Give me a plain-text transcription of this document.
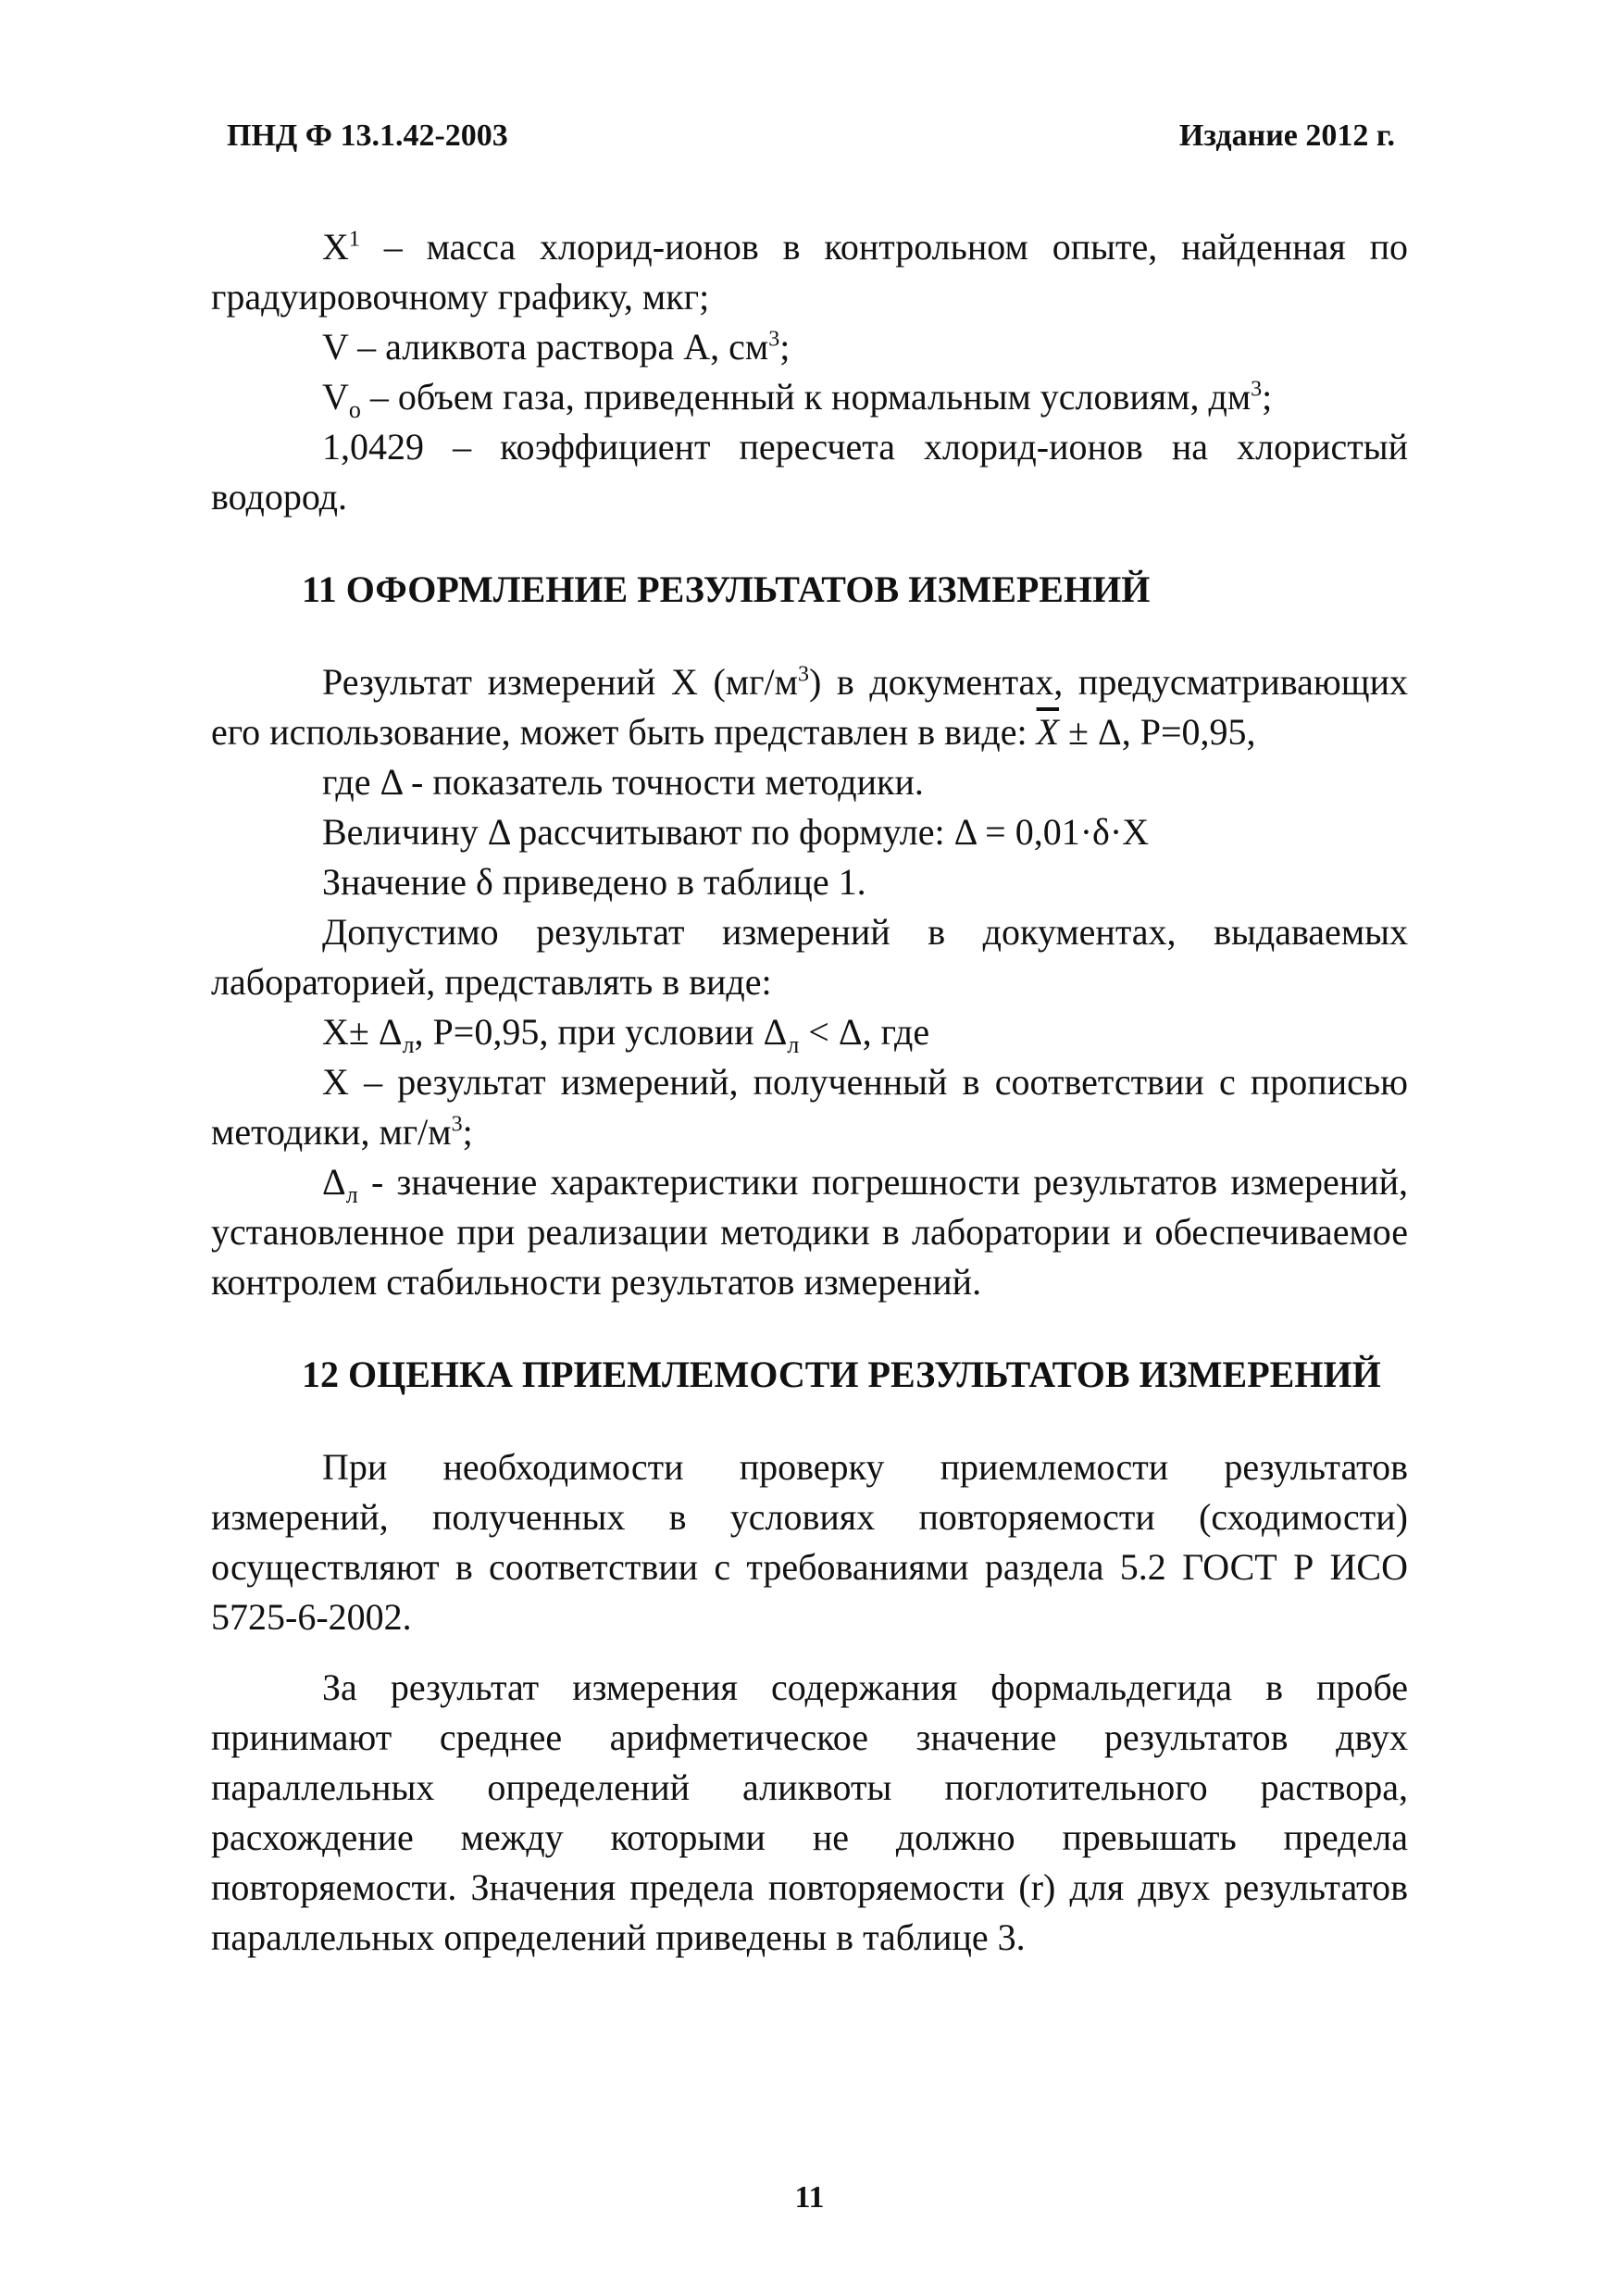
ПНД Ф 13.1.42-2003	Издание 2012 г.

$X^1$ – масса хлорид-ионов в контрольном опыте, найденная по градуировочному графику, мкг;

V – аликвота раствора А, $см^3$;

$V_o$ – объем газа, приведенный к нормальным условиям, $дм^3$;

1,0429 – коэффициент пересчета хлорид-ионов на хлористый водород.

11 ОФОРМЛЕНИЕ РЕЗУЛЬТАТОВ ИЗМЕРЕНИЙ

Результат измерений X $(мг/м^3)$ в документах, предусматривающих его использование, может быть представлен в виде: $\overline{X} \pm \Delta$, P=0,95,

где Δ - показатель точности методики.

Величину Δ рассчитывают по формуле: Δ = 0,01·δ·X

Значение δ приведено в таблице 1.

Допустимо результат измерений в документах, выдаваемых лабораторией, представлять в виде:

$X\pm \Delta_л$, P=0,95, при условии $\Delta_л < \Delta$, где

X – результат измерений, полученный в соответствии с прописью методики, $мг/м^3$;

$\Delta_л$ - значение характеристики погрешности результатов измерений, установленное при реализации методики в лаборатории и обеспечиваемое контролем стабильности результатов измерений.

12 ОЦЕНКА ПРИЕМЛЕМОСТИ РЕЗУЛЬТАТОВ ИЗМЕРЕНИЙ

При необходимости проверку приемлемости результатов измерений, полученных в условиях повторяемости (сходимости) осуществляют в соответствии с требованиями раздела 5.2 ГОСТ Р ИСО 5725-6-2002.

За результат измерения содержания формальдегида в пробе принимают среднее арифметическое значение результатов двух параллельных определений аликвоты поглотительного раствора, расхождение между которыми не должно превышать предела повторяемости. Значения предела повторяемости (r) для двух результатов параллельных определений приведены в таблице 3.

11
